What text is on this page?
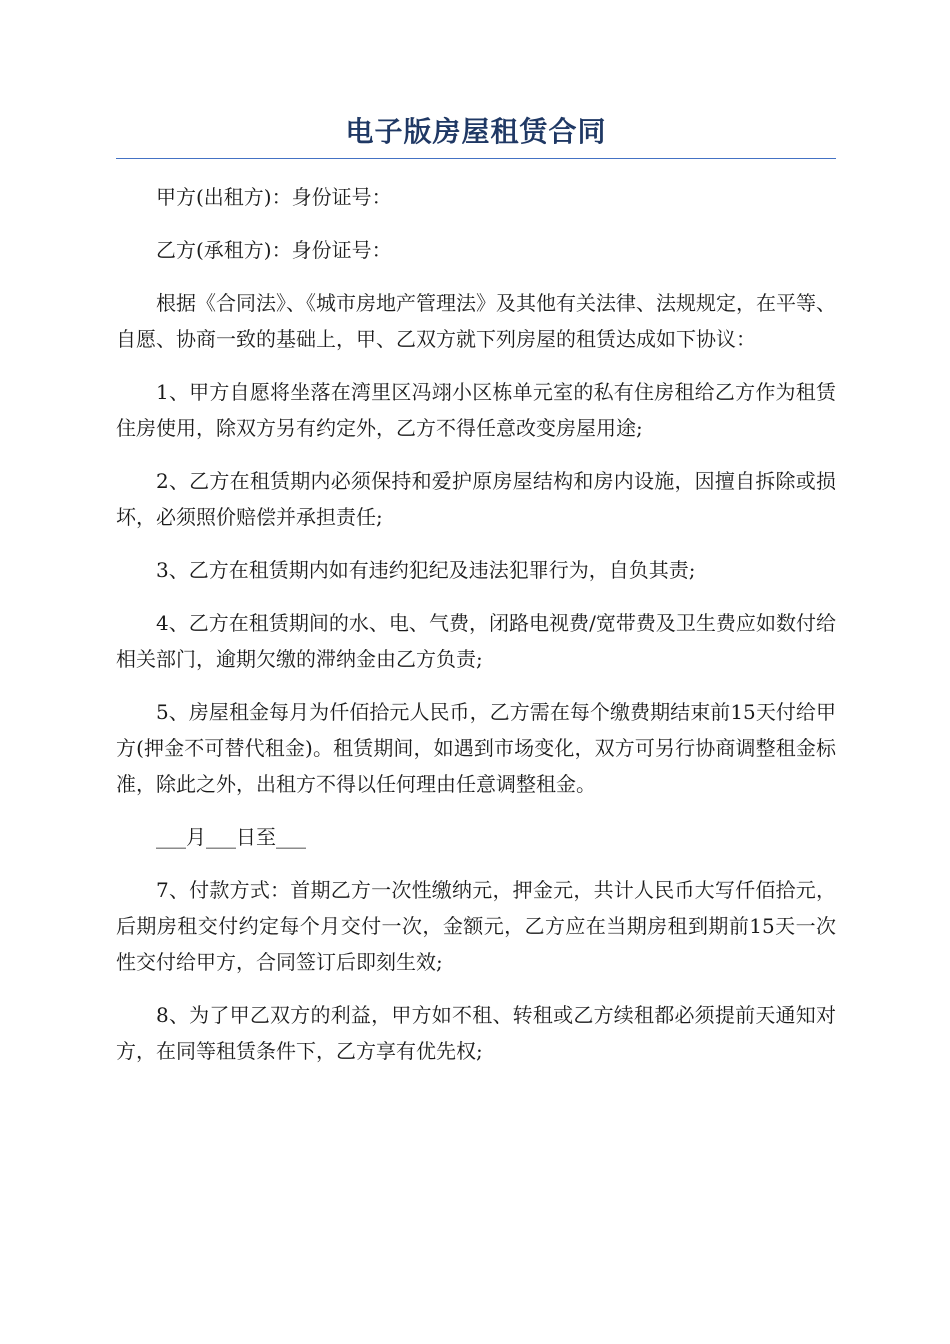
电子版房屋租赁合同

甲方(出租方)：身份证号：

乙方(承租方)：身份证号：

根据《合同法》、《城市房地产管理法》及其他有关法律、法规规定，在平等、自愿、协商一致的基础上，甲、乙双方就下列房屋的租赁达成如下协议：

1、甲方自愿将坐落在湾里区冯翊小区栋单元室的私有住房租给乙方作为租赁住房使用，除双方另有约定外，乙方不得任意改变房屋用途;

2、乙方在租赁期内必须保持和爱护原房屋结构和房内设施，因擅自拆除或损坏，必须照价赔偿并承担责任;

3、乙方在租赁期内如有违约犯纪及违法犯罪行为，自负其责;

4、乙方在租赁期间的水、电、气费，闭路电视费/宽带费及卫生费应如数付给相关部门，逾期欠缴的滞纳金由乙方负责;

5、房屋租金每月为仟佰拾元人民币，乙方需在每个缴费期结束前15天付给甲方(押金不可替代租金)。租赁期间，如遇到市场变化，双方可另行协商调整租金标准，除此之外，出租方不得以任何理由任意调整租金。

___月___日至___

7、付款方式：首期乙方一次性缴纳元，押金元，共计人民币大写仟佰拾元，后期房租交付约定每个月交付一次，金额元，乙方应在当期房租到期前15天一次性交付给甲方，合同签订后即刻生效;

8、为了甲乙双方的利益，甲方如不租、转租或乙方续租都必须提前天通知对方，在同等租赁条件下，乙方享有优先权;
